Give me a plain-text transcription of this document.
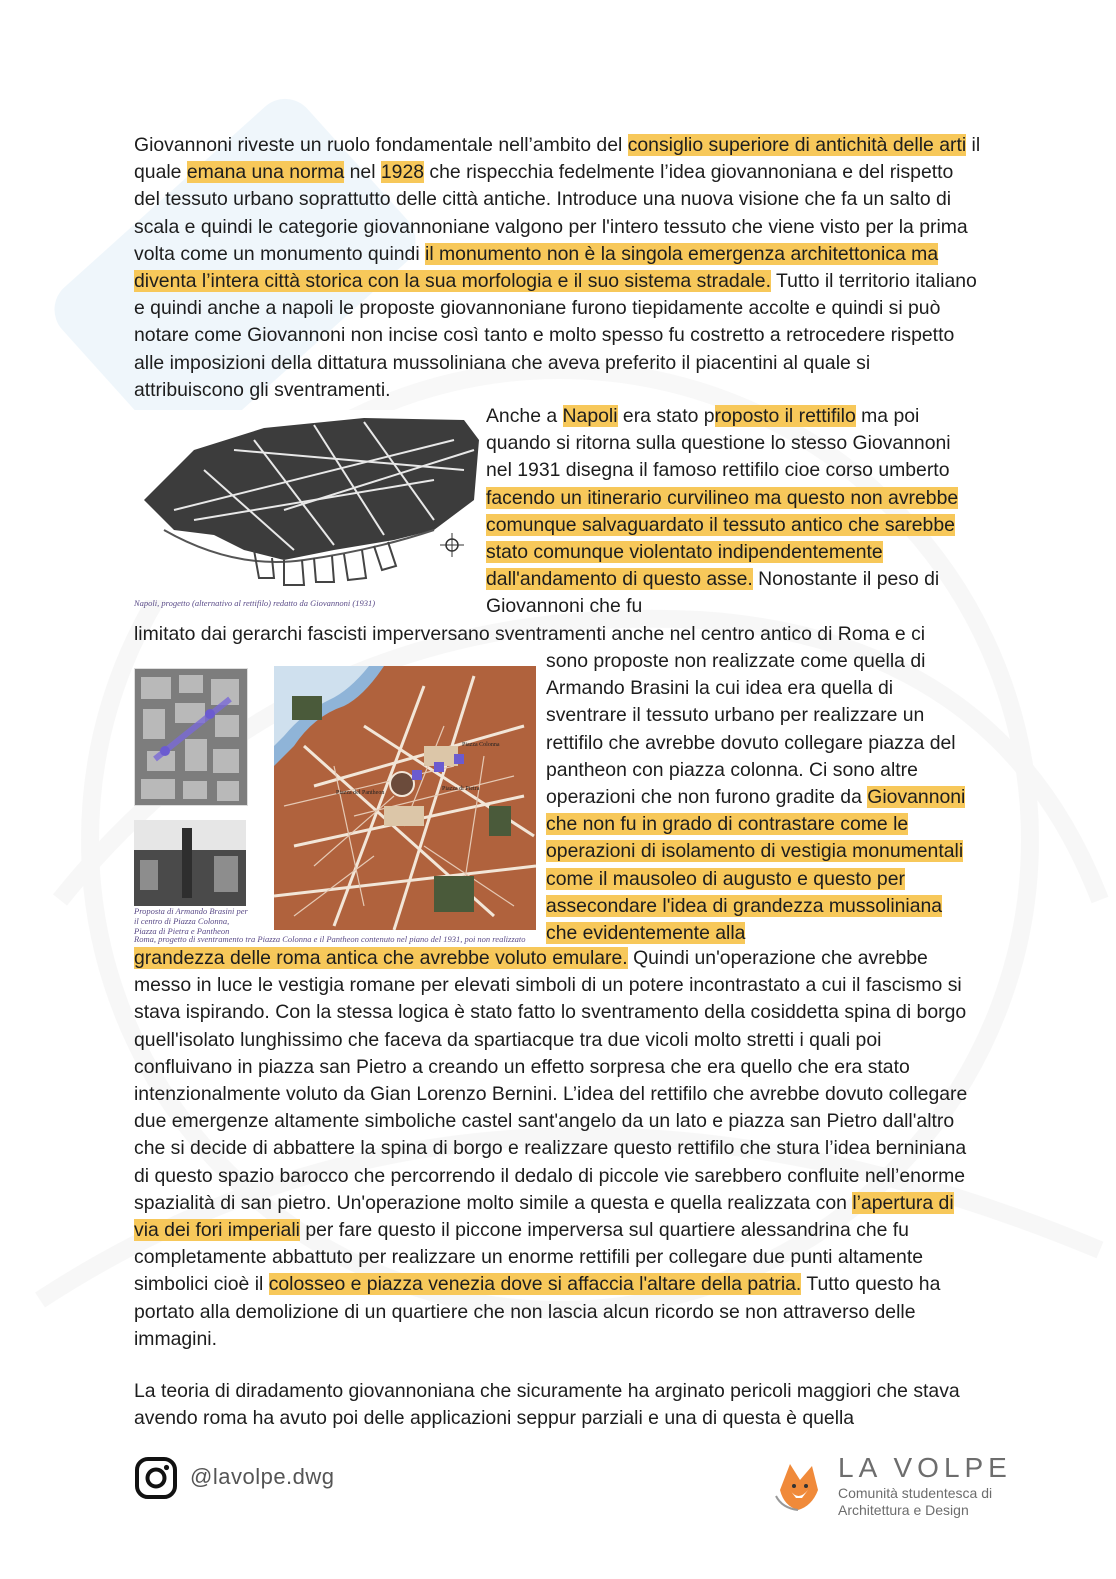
Giovannoni riveste un ruolo fondamentale nell’ambito del consiglio superiore di antichità delle arti il quale emana una norma nel 1928 che rispecchia fedelmente l’idea giovannoniana e del rispetto del tessuto urbano soprattutto delle città antiche. Introduce una nuova visione che fa un salto di scala e quindi le categorie giovannoniane valgono per l'intero tessuto che viene visto per la prima volta come un monumento quindi il monumento non è la singola emergenza architettonica ma diventa l’intera città storica con la sua morfologia e il suo sistema stradale. Tutto il territorio italiano e quindi anche a napoli le proposte giovannoniane furono tiepidamente accolte e quindi si può notare come Giovannoni non incise così tanto e molto spesso fu costretto a retrocedere rispetto alle imposizioni della dittatura mussoliniana che aveva preferito il piacentini al quale si attribuiscono gli sventramenti.

Napoli, progetto (alternativo al rettifilo) redatto da Giovannoni (1931)

Anche a Napoli era stato proposto il rettifilo ma poi quando si ritorna sulla questione lo stesso Giovannoni nel 1931 disegna il famoso rettifilo cioe corso umberto facendo un itinerario curvilineo ma questo non avrebbe comunque salvaguardato il tessuto antico che sarebbe stato comunque violentato indipendentemente dall'andamento di questo asse. Nonostante il peso di Giovannoni che fu

limitato dai gerarchi fascisti imperversano sventramenti anche nel centro antico di Roma e ci

Proposta di Armando Brasini per il centro di Piazza Colonna, Piazza di Pietra e Pantheon

Piazza del Pantheon
Piazza Colonna
Piazza di Pietra

Roma, progetto di sventramento tra Piazza Colonna e il Pantheon contenuto nel piano del 1931, poi non realizzato

sono proposte non realizzate come quella di Armando Brasini la cui idea era quella di sventrare il tessuto urbano per realizzare un rettifilo che avrebbe dovuto collegare piazza del pantheon con piazza colonna. Ci sono altre operazioni che non furono gradite da Giovannoni che non fu in grado di contrastare come le operazioni di isolamento di vestigia monumentali come il mausoleo di augusto e questo per assecondare l'idea di grandezza mussoliniana che evidentemente alla

grandezza delle roma antica che avrebbe voluto emulare. Quindi un'operazione che avrebbe messo in luce le vestigia romane per elevati simboli di un potere incontrastato a cui il fascismo si stava ispirando. Con la stessa logica è stato fatto lo sventramento della cosiddetta spina di borgo quell'isolato lunghissimo che faceva da spartiacque tra due vicoli molto stretti i quali poi confluivano in piazza san Pietro a creando un effetto sorpresa che era quello che era stato intenzionalmente voluto da Gian Lorenzo Bernini. L’idea del rettifilo che avrebbe dovuto collegare due emergenze altamente simboliche castel sant'angelo da un lato e piazza san Pietro dall'altro che si decide di abbattere la spina di borgo e realizzare questo rettifilo che stura l’idea berniniana di questo spazio barocco che percorrendo il dedalo di piccole vie sarebbero confluite nell’enorme spazialità di san pietro. Un'operazione molto simile a questa e quella realizzata con l’apertura di via dei fori imperiali per fare questo il piccone imperversa sul quartiere alessandrina che fu completamente abbattuto per realizzare un enorme rettifili per collegare due punti altamente simbolici cioè il colosseo e piazza venezia dove si affaccia l'altare della patria. Tutto questo ha portato alla demolizione di un quartiere che non lascia alcun ricordo se non attraverso delle immagini.

La teoria di diradamento giovannoniana che sicuramente ha arginato pericoli maggiori che stava avendo roma ha avuto poi delle applicazioni seppur parziali e una di questa è quella

@lavolpe.dwg	LA VOLPE

Comunità studentesca di
Architettura e Design
